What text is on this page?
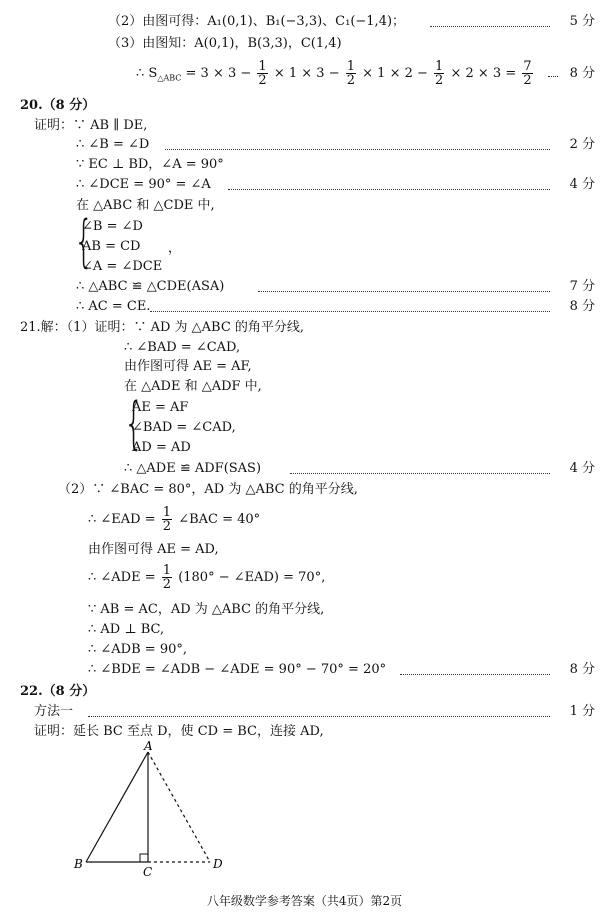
（2）由图可得：A₁(0,1)、B₁(−3,3)、C₁(−1,4)；	5 分
（3）由图知：A(0,1)，B(3,3)，C(1,4)
∴ $S_{\triangle ABC} = 3 \times 3 - \frac{1}{2} \times 1 \times 3 - \frac{1}{2} \times 1 \times 2 - \frac{1}{2} \times 2 \times 3 = \frac{7}{2}$	8 分
20.（8 分）
证明：∵ AB ∥ DE,
∴ ∠B = ∠D	2 分
∵ EC ⊥ BD，∠A = 90°
∴ ∠DCE = 90° = ∠A	4 分
在 △ABC 和 △CDE 中,
{
∠B = ∠D
AB = CD ，
∠A = ∠DCE
∴ △ABC ≌ △CDE(ASA)	7 分
∴ AC = CE.	8 分
21.解：（1）证明：∵ AD 为 △ABC 的角平分线,
∴ ∠BAD = ∠CAD,
由作图可得 AE = AF,
在 △ADE 和 △ADF 中,
{
AE = AF
∠BAD = ∠CAD,
AD = AD
∴ △ADE ≌ ADF(SAS)	4 分
（2）∵ ∠BAC = 80°，AD 为 △ABC 的角平分线,
∴ ∠EAD = $\frac{1}{2}$ ∠BAC = 40°
由作图可得 AE = AD,
∴ ∠ADE = $\frac{1}{2} (180^\circ$ − ∠EAD) = 70°,
∵ AB = AC，AD 为 △ABC 的角平分线,
∴ AD ⊥ BC,
∴ ∠ADB = 90°,
∴ ∠BDE = ∠ADB − ∠ADE = 90° − 70° = 20°	8 分
22.（8 分）
方法一	1 分
证明：延长 BC 至点 D，使 CD = BC，连接 AD,
A
B
C
D
八年级数学参考答案（共4页）第2页
